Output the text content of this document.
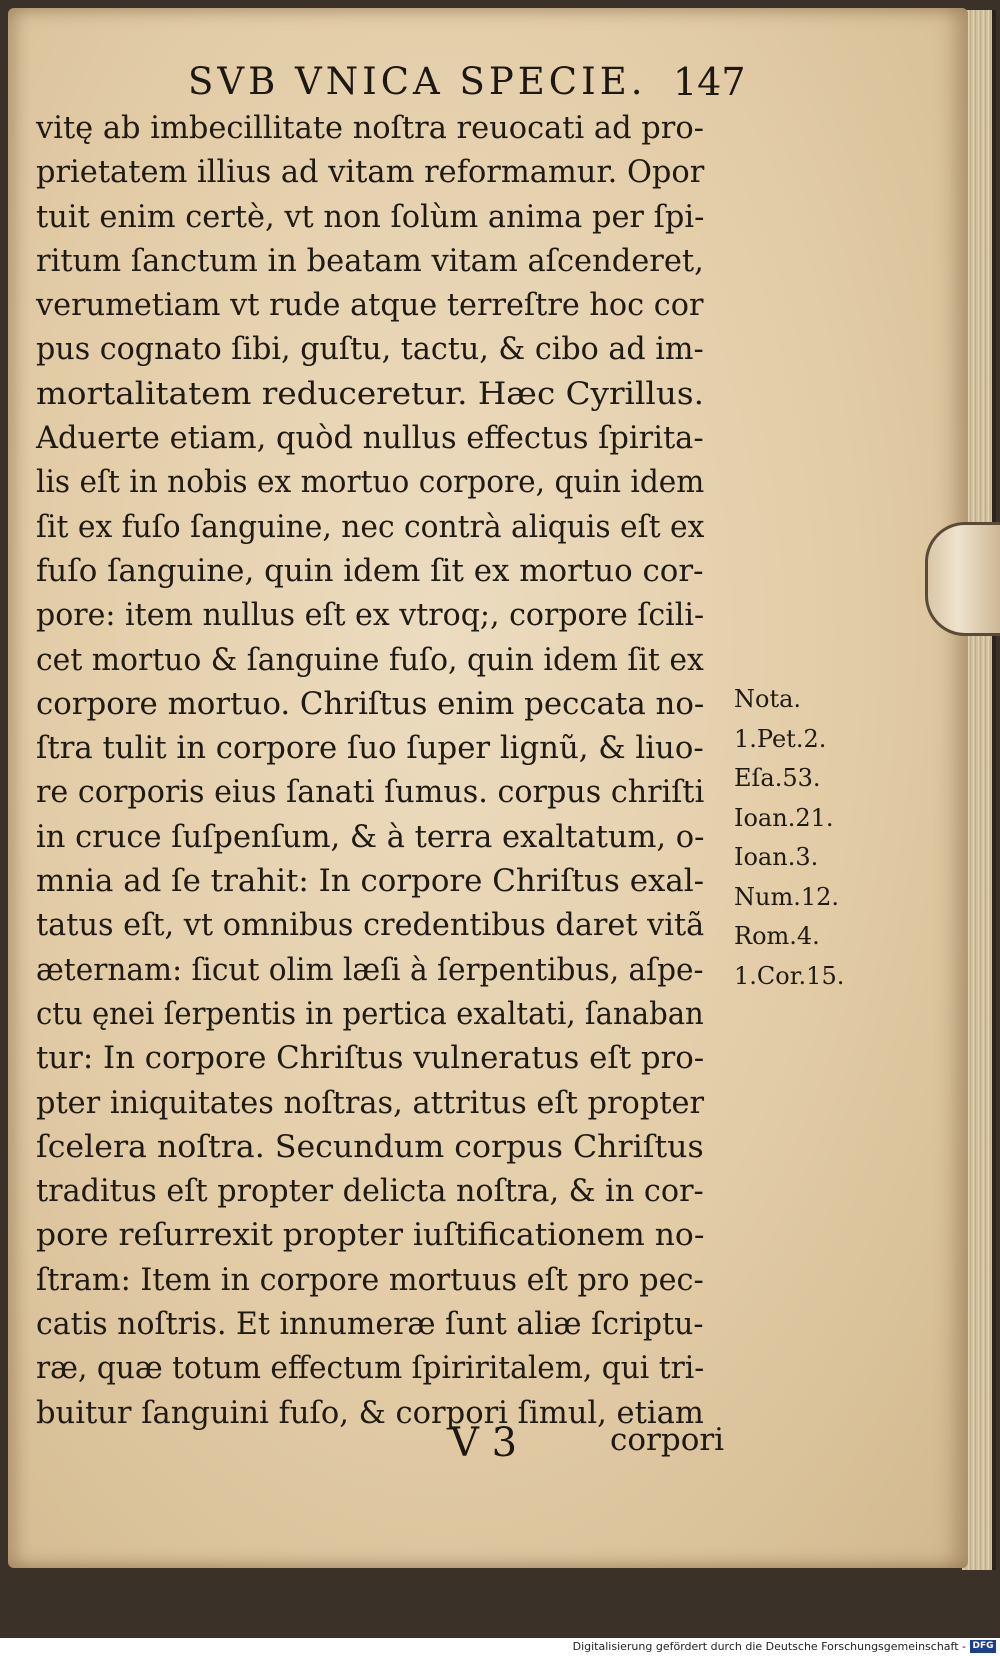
SVB VNICA SPECIE. 147
vitę ab imbecillitate noſtra reuocati ad pro-
prietatem illius ad vitam reformamur. Opor
tuit enim certè, vt non ſolùm anima per ſpi-
ritum ſanctum in beatam vitam aſcenderet,
verumetiam vt rude atque terreſtre hoc cor
pus cognato ſibi, guſtu, tactu, & cibo ad im-
mortalitatem reduceretur. Hæc Cyrillus.
Aduerte etiam, quòd nullus effectus ſpirita-
lis eſt in nobis ex mortuo corpore, quin idem
ſit ex fuſo ſanguine, nec contrà aliquis eſt ex
fuſo ſanguine, quin idem ſit ex mortuo cor-
pore: item nullus eſt ex vtroq;, corpore ſcili-
cet mortuo & ſanguine fuſo, quin idem ſit ex
corpore mortuo. Chriſtus enim peccata no-
ſtra tulit in corpore ſuo ſuper lignũ, & liuo-
re corporis eius ſanati ſumus. corpus chriſti
in cruce ſuſpenſum, & à terra exaltatum, o-
mnia ad ſe trahit: In corpore Chriſtus exal-
tatus eſt, vt omnibus credentibus daret vitã
æternam: ſicut olim læſi à ſerpentibus, aſpe-
ctu ęnei ſerpentis in pertica exaltati, ſanaban
tur: In corpore Chriſtus vulneratus eſt pro-
pter iniquitates noſtras, attritus eſt propter
ſcelera noſtra. Secundum corpus Chriſtus
traditus eſt propter delicta noſtra, & in cor-
pore reſurrexit propter iuſtificationem no-
ſtram: Item in corpore mortuus eſt pro pec-
catis noſtris. Et innumeræ ſunt aliæ ſcriptu-
ræ, quæ totum effectum ſpiriritalem, qui tri-
buitur ſanguini fuſo, & corpori ſimul, etiam
Nota.
1.Pet.2.
Eſa.53.
Ioan.21.
Ioan.3.
Num.12.
Rom.4.
1.Cor.15.
V 3	corpori
Digitalisierung gefördert durch die Deutsche Forschungsgemeinschaft - DFG
